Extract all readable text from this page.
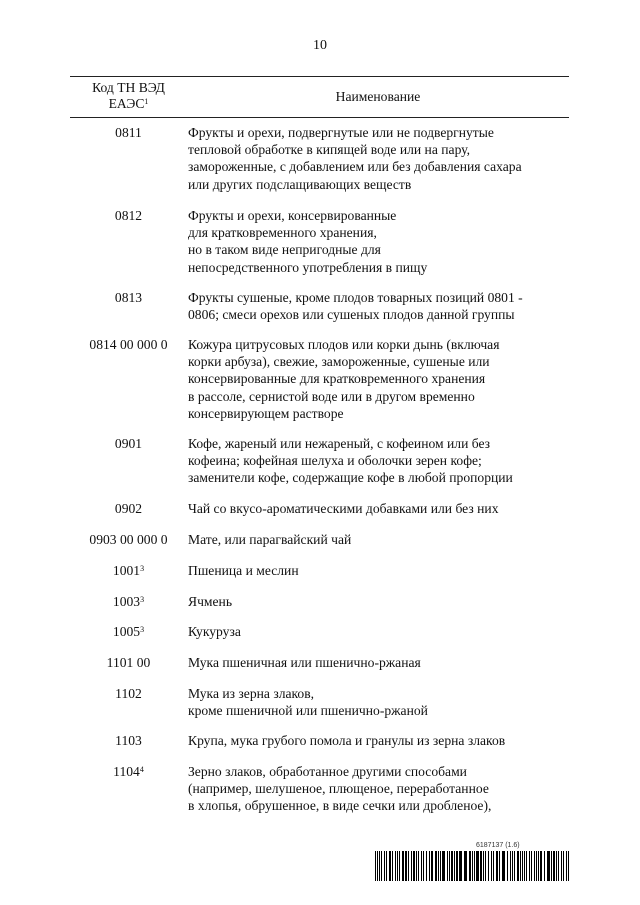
10
Код ТН ВЭД
ЕАЭС$^1$	Наименование
0811	Фрукты и орехи, подвергнутые или не подвергнутые
тепловой обработке в кипящей воде или на пару,
замороженные, с добавлением или без добавления сахара
или других подслащивающих веществ
0812	Фрукты и орехи, консервированные
для кратковременного хранения,
но в таком виде непригодные для
непосредственного употребления в пищу
0813	Фрукты сушеные, кроме плодов товарных позиций 0801 -
0806; смеси орехов или сушеных плодов данной группы
0814 00 000 0	Кожура цитрусовых плодов или корки дынь (включая
корки арбуза), свежие, замороженные, сушеные или
консервированные для кратковременного хранения
в рассоле, сернистой воде или в другом временно
консервирующем растворе
0901	Кофе, жареный или нежареный, с кофеином или без
кофеина; кофейная шелуха и оболочки зерен кофе;
заменители кофе, содержащие кофе в любой пропорции
0902	Чай со вкусо-ароматическими добавками или без них
0903 00 000 0	Мате, или парагвайский чай
1001$^3$	Пшеница и меслин
1003$^3$	Ячмень
1005$^3$	Кукуруза
1101 00	Мука пшеничная или пшенично-ржаная
1102	Мука из зерна злаков,
кроме пшеничной или пшенично-ржаной
1103	Крупа, мука грубого помола и гранулы из зерна злаков
1104$^4$	Зерно злаков, обработанное другими способами
(например, шелушеное, плющеное, переработанное
в хлопья, обрушенное, в виде сечки или дробленое),
6187137 (1.6)
